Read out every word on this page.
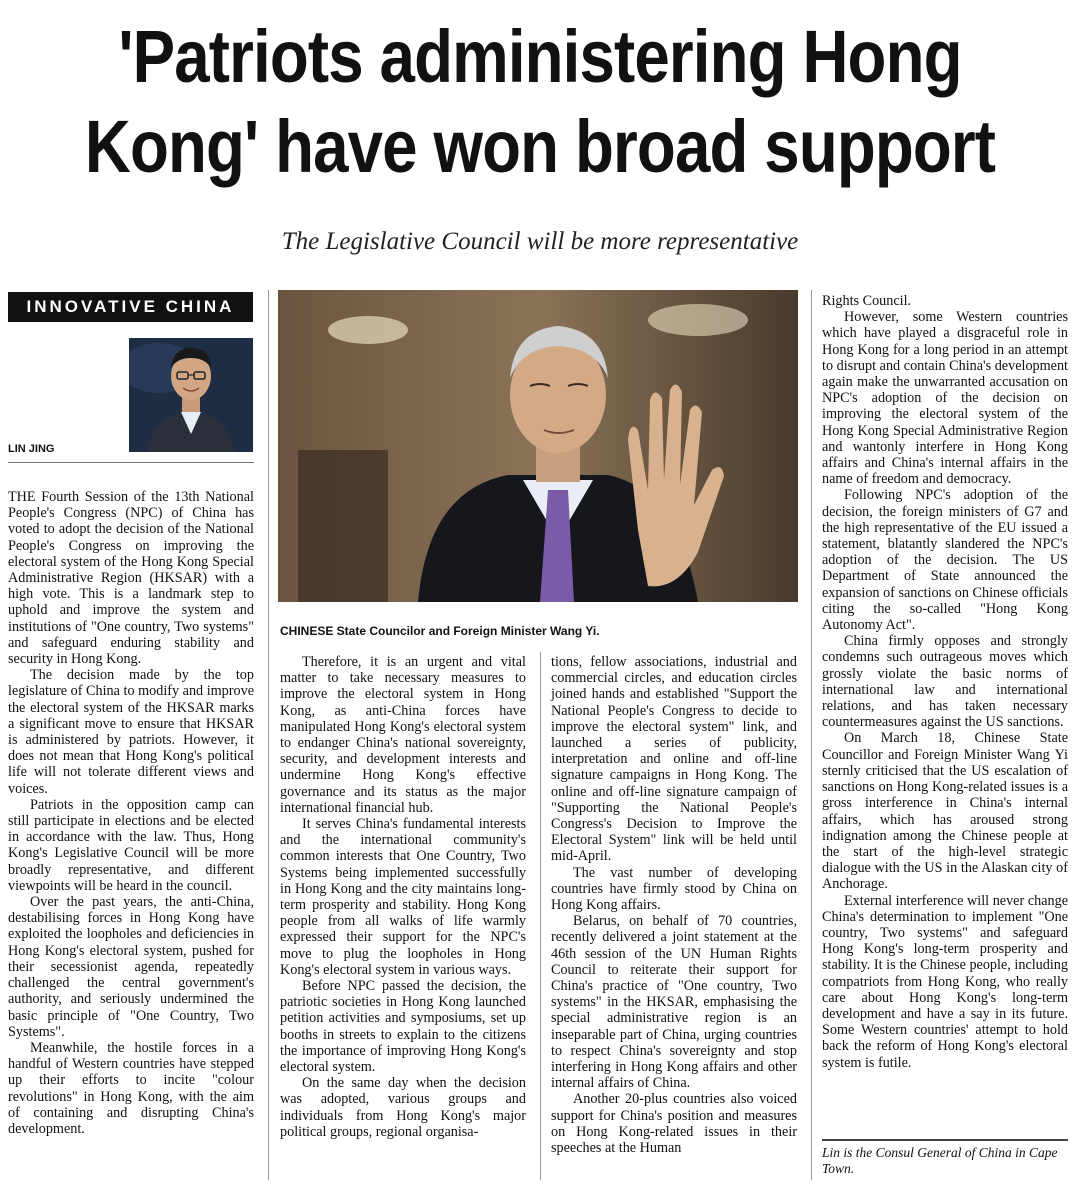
'Patriots administering Hong
Kong' have won broad support
The Legislative Council will be more representative
INNOVATIVE CHINA
LIN JING
CHINESE State Councilor and Foreign Minister Wang Yi.

THE Fourth Session of the 13th National People's Congress (NPC) of China has voted to adopt the decision of the National People's Congress on improving the electoral system of the Hong Kong Special Administrative Region (HKSAR) with a high vote. This is a landmark step to uphold and improve the system and institutions of "One country, Two systems" and safeguard enduring stability and security in Hong Kong.

The decision made by the top legislature of China to modify and improve the electoral system of the HKSAR marks a significant move to ensure that HKSAR is administered by patriots. However, it does not mean that Hong Kong's political life will not tolerate different views and voices.

Patriots in the opposition camp can still participate in elections and be elected in accordance with the law. Thus, Hong Kong's Legislative Council will be more broadly representative, and different viewpoints will be heard in the council.

Over the past years, the anti-China, destabilising forces in Hong Kong have exploited the loopholes and deficiencies in Hong Kong's electoral system, pushed for their secessionist agenda, repeatedly challenged the central government's authority, and seriously undermined the basic principle of "One Country, Two Systems".

Meanwhile, the hostile forces in a handful of Western countries have stepped up their efforts to incite "colour revolutions" in Hong Kong, with the aim of containing and disrupting China's development.

Therefore, it is an urgent and vital matter to take necessary measures to improve the electoral system in Hong Kong, as anti-China forces have manipulated Hong Kong's electoral system to endanger China's national sovereignty, security, and development interests and undermine Hong Kong's effective governance and its status as the major international financial hub.

It serves China's fundamental interests and the international community's common interests that One Country, Two Systems being implemented successfully in Hong Kong and the city maintains long-term prosperity and stability. Hong Kong people from all walks of life warmly expressed their support for the NPC's move to plug the loopholes in Hong Kong's electoral system in various ways.

Before NPC passed the decision, the patriotic societies in Hong Kong launched petition activities and symposiums, set up booths in streets to explain to the citizens the importance of improving Hong Kong's electoral system.

On the same day when the decision was adopted, various groups and individuals from Hong Kong's major political groups, regional organisa-

tions, fellow associations, industrial and commercial circles, and education circles joined hands and established "Support the National People's Congress to decide to improve the electoral system" link, and launched a series of publicity, interpretation and online and off-line signature campaigns in Hong Kong. The online and off-line signature campaign of "Supporting the National People's Congress's Decision to Improve the Electoral System" link will be held until mid-April.

The vast number of developing countries have firmly stood by China on Hong Kong affairs.

Belarus, on behalf of 70 countries, recently delivered a joint statement at the 46th session of the UN Human Rights Council to reiterate their support for China's practice of "One country, Two systems" in the HKSAR, emphasising the special administrative region is an inseparable part of China, urging countries to respect China's sovereignty and stop interfering in Hong Kong affairs and other internal affairs of China.

Another 20-plus countries also voiced support for China's position and measures on Hong Kong-related issues in their speeches at the Human

Rights Council.

However, some Western countries which have played a disgraceful role in Hong Kong for a long period in an attempt to disrupt and contain China's development again make the unwarranted accusation on NPC's adoption of the decision on improving the electoral system of the Hong Kong Special Administrative Region and wantonly interfere in Hong Kong affairs and China's internal affairs in the name of freedom and democracy.

Following NPC's adoption of the decision, the foreign ministers of G7 and the high representative of the EU issued a statement, blatantly slandered the NPC's adoption of the decision. The US Department of State announced the expansion of sanctions on Chinese officials citing the so-called "Hong Kong Autonomy Act".

China firmly opposes and strongly condemns such outrageous moves which grossly violate the basic norms of international law and international relations, and has taken necessary countermeasures against the US sanctions.

On March 18, Chinese State Councillor and Foreign Minister Wang Yi sternly criticised that the US escalation of sanctions on Hong Kong-related issues is a gross interference in China's internal affairs, which has aroused strong indignation among the Chinese people at the start of the high-level strategic dialogue with the US in the Alaskan city of Anchorage.

External interference will never change China's determination to implement "One country, Two systems" and safeguard Hong Kong's long-term prosperity and stability. It is the Chinese people, including compatriots from Hong Kong, who really care about Hong Kong's long-term development and have a say in its future. Some Western countries' attempt to hold back the reform of Hong Kong's electoral system is futile.

Lin is the Consul General of China in Cape Town.
